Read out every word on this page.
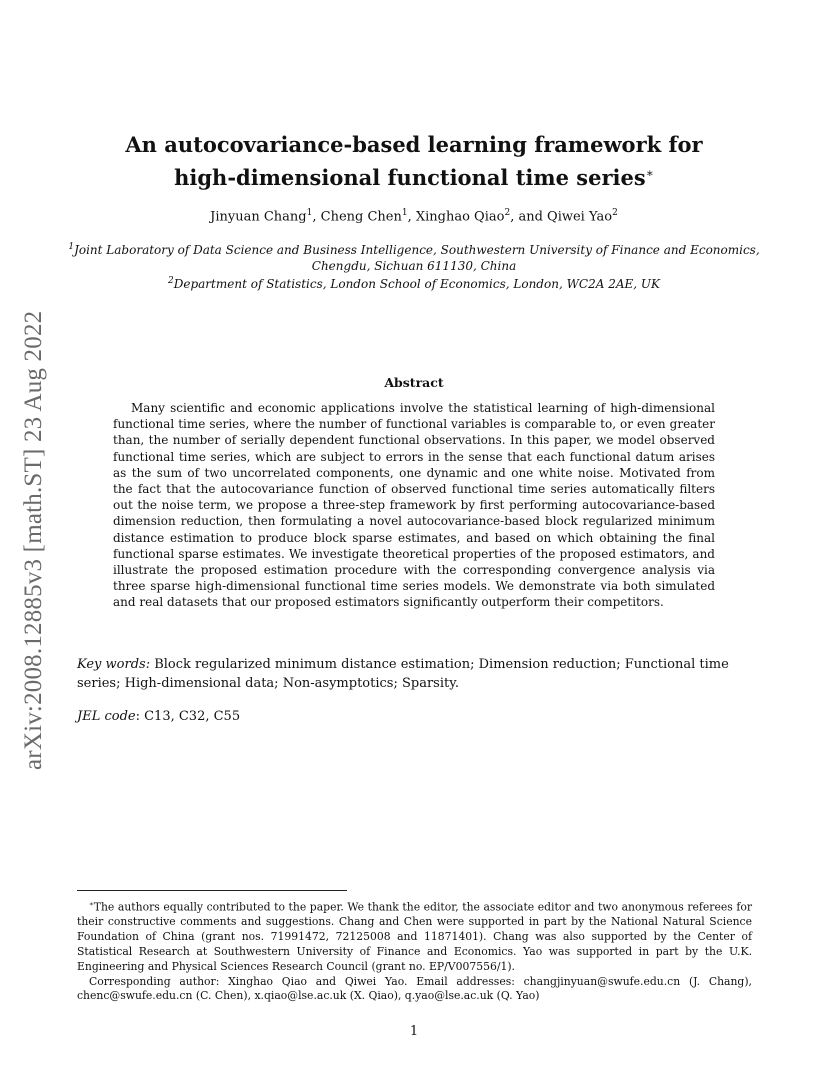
arXiv:2008.12885v3 [math.ST] 23 Aug 2022
An autocovariance-based learning framework for
high-dimensional functional time series∗
Jinyuan Chang$^1$, Cheng Chen$^1$, Xinghao Qiao$^2$, and Qiwei Yao$^2$
$^1$Joint Laboratory of Data Science and Business Intelligence, Southwestern University of Finance and Economics,
Chengdu, Sichuan 611130, China
$^2$Department of Statistics, London School of Economics, London, WC2A 2AE, UK
Abstract
Many scientific and economic applications involve the statistical learning of high-dimensional functional time series, where the number of functional variables is comparable to, or even greater than, the number of serially dependent functional observations. In this paper, we model observed functional time series, which are subject to errors in the sense that each functional datum arises as the sum of two uncorrelated components, one dynamic and one white noise. Motivated from the fact that the autocovariance function of observed functional time series automatically filters out the noise term, we propose a three-step framework by first performing autocovariance-based dimension reduction, then formulating a novel autocovariance-based block regularized minimum distance estimation to produce block sparse estimates, and based on which obtaining the final functional sparse estimates. We investigate theoretical properties of the proposed estimators, and illustrate the proposed estimation procedure with the corresponding convergence analysis via three sparse high-dimensional functional time series models. We demonstrate via both simulated and real datasets that our proposed estimators significantly outperform their competitors.
Key words: Block regularized minimum distance estimation; Dimension reduction; Functional time series; High-dimensional data; Non-asymptotics; Sparsity.
JEL code: C13, C32, C55

∗The authors equally contributed to the paper. We thank the editor, the associate editor and two anonymous referees for their constructive comments and suggestions. Chang and Chen were supported in part by the National Natural Science Foundation of China (grant nos. 71991472, 72125008 and 11871401). Chang was also supported by the Center of Statistical Research at Southwestern University of Finance and Economics. Yao was supported in part by the U.K. Engineering and Physical Sciences Research Council (grant no. EP/V007556/1).

Corresponding author: Xinghao Qiao and Qiwei Yao. Email addresses: changjinyuan@swufe.edu.cn (J. Chang), chenc@swufe.edu.cn (C. Chen), x.qiao@lse.ac.uk (X. Qiao), q.yao@lse.ac.uk (Q. Yao)

1
